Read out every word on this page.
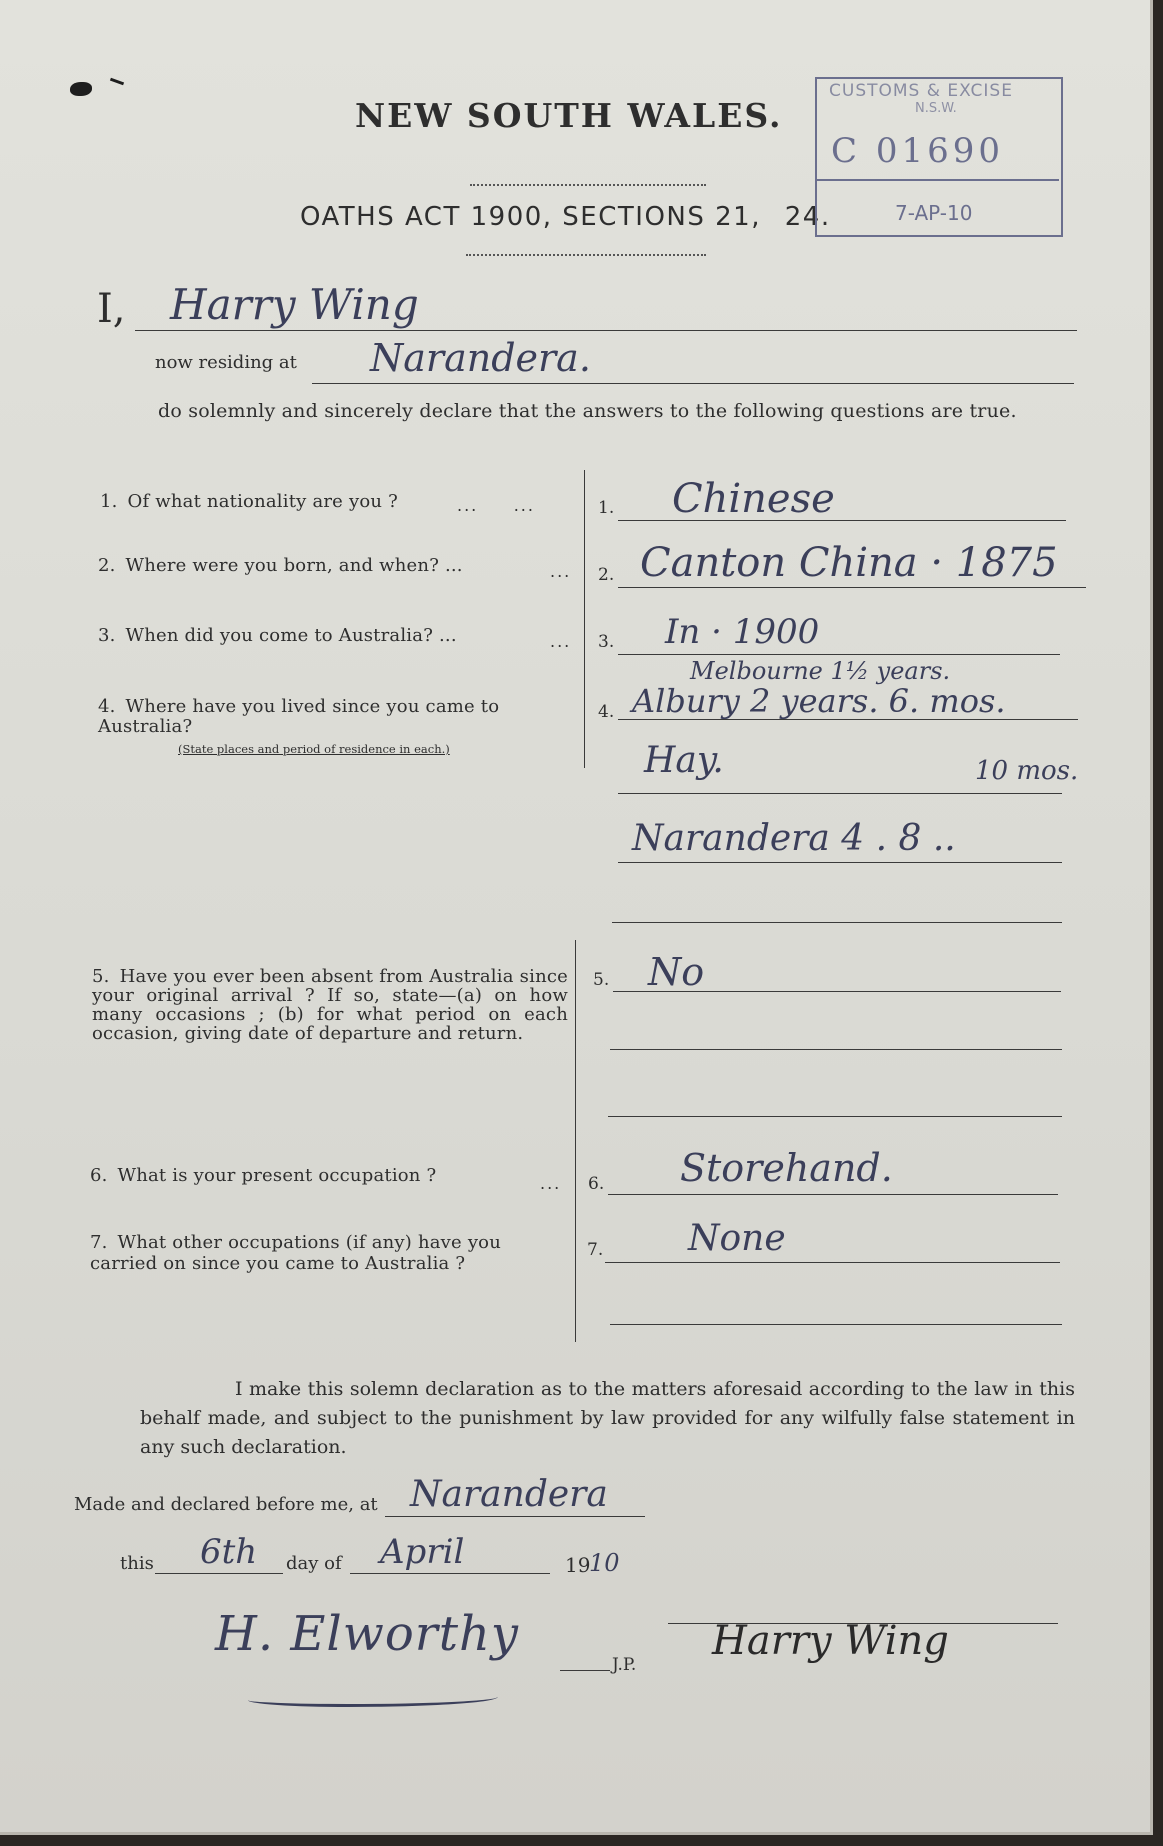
NEW SOUTH WALES.
OATHS ACT 1900, SECTIONS 21, 24.
CUSTOMS & EXCISE
N.S.W.
C 01690
7-AP-10
I, Harry Wing
now residing at Narandera.
do solemnly and sincerely declare that the answers to the following questions are true.
1. Of what nationality are you ?	...     ...	1. Chinese
2. Where were you born, and when? ...	... 2. Canton China · 1875
3. When did you come to Australia? ...	... 3. In · 1900
4. Where have you lived since you came to Australia?
(State places and period of residence in each.)
Melbourne 1½ years.
4. Albury 2 years. 6. mos.
Hay.	10 mos.
Narandera 4 . 8 ..
5. Have you ever been absent from Australia since your original arrival ? If so, state—(a) on how many occasions ; (b) for what period on each occasion, giving date of departure and return.
5. No
6. What is your present occupation ?	... 6. Storehand.
7. What other occupations (if any) have you carried on since you came to Australia ?
7. None
I make this solemn declaration as to the matters aforesaid according to the law in this behalf made, and subject to the punishment by law provided for any wilfully false statement in any such declaration.
Made and declared before me, at Narandera
this 6th day of April	19
10
H. Elworthy
J.P.
Harry Wing
